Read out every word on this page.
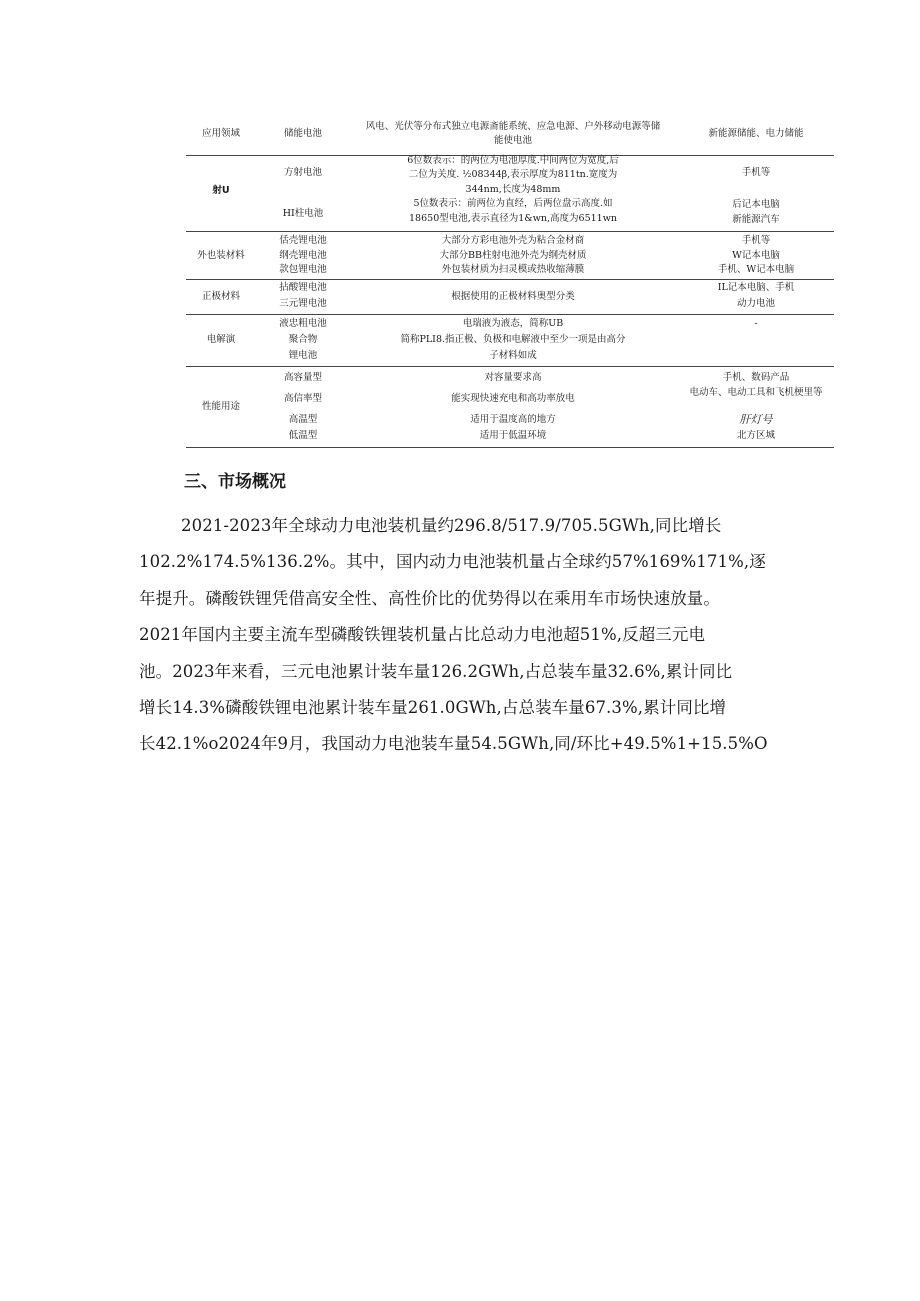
应用领域	储能电池
风电、光伏等分布式独立电源斋能系统、应急电源、户外移动电源等储
能使电池
新能源储能、电力储能
射U
方射电池
HI柱电池
6位数表示：的两位为电池厚度.中间两位为宽度,后
二位为关度. ½08344β,表示厚度为811tn.宽度为
344nm,长度为48mm
5位数表示：前两位为直经，后两位盘示高度.如
18650型电池,表示直径为1&wn,高度为6511wn
手机等
后记本电脑
新能源汽车
外也装材料
佸壳锂电池
纲壳锂电池
款包锂电池
大部分方彩电池外壳为粘合金材商
大部分BB柱射电池外壳为纲壳材质
外包装材质为扫灵模或热收缩薄膜
手机等
W记本电脑
手机、W记本电脑
正极材料
拈酸锂电池
三元锂电池
根据使用的正极材料奥型分类
IL记本电脑、手机
动力电池
电解演
液忠粗电池
聚合物
锂电池
电瑞液为液态，简称UB
简称PLI8.指正极、负极和电解液中至少一项是由高分
子材料如成
-
性能用途
高容量型
高信率型
高温型
低温型
对容量要求高
能实现快速充电和高功率放电
适用于温度高的地方
适用于低温环境
手机、数码产品
电动车、电动工具和飞机梗里等
肝灯号
北方区城
三、市场概况
2021-2023年全球动力电池装机量约296.8/517.9/705.5GWh,同比增长
102.2%174.5%136.2%。其中，国内动力电池装机量占全球约57%169%171%,逐
年提升。磷酸铁锂凭借高安全性、高性价比的优势得以在乘用车市场快速放量。
2021年国内主要主流车型磷酸铁锂装机量占比总动力电池超51%,反超三元电
池。2023年来看，三元电池累计装车量126.2GWh,占总装车量32.6%,累计同比
增长14.3%磷酸铁锂电池累计装车量261.0GWh,占总装车量67.3%,累计同比增
长42.1%o2024年9月，我国动力电池装车量54.5GWh,同/环比+49.5%1+15.5%O
